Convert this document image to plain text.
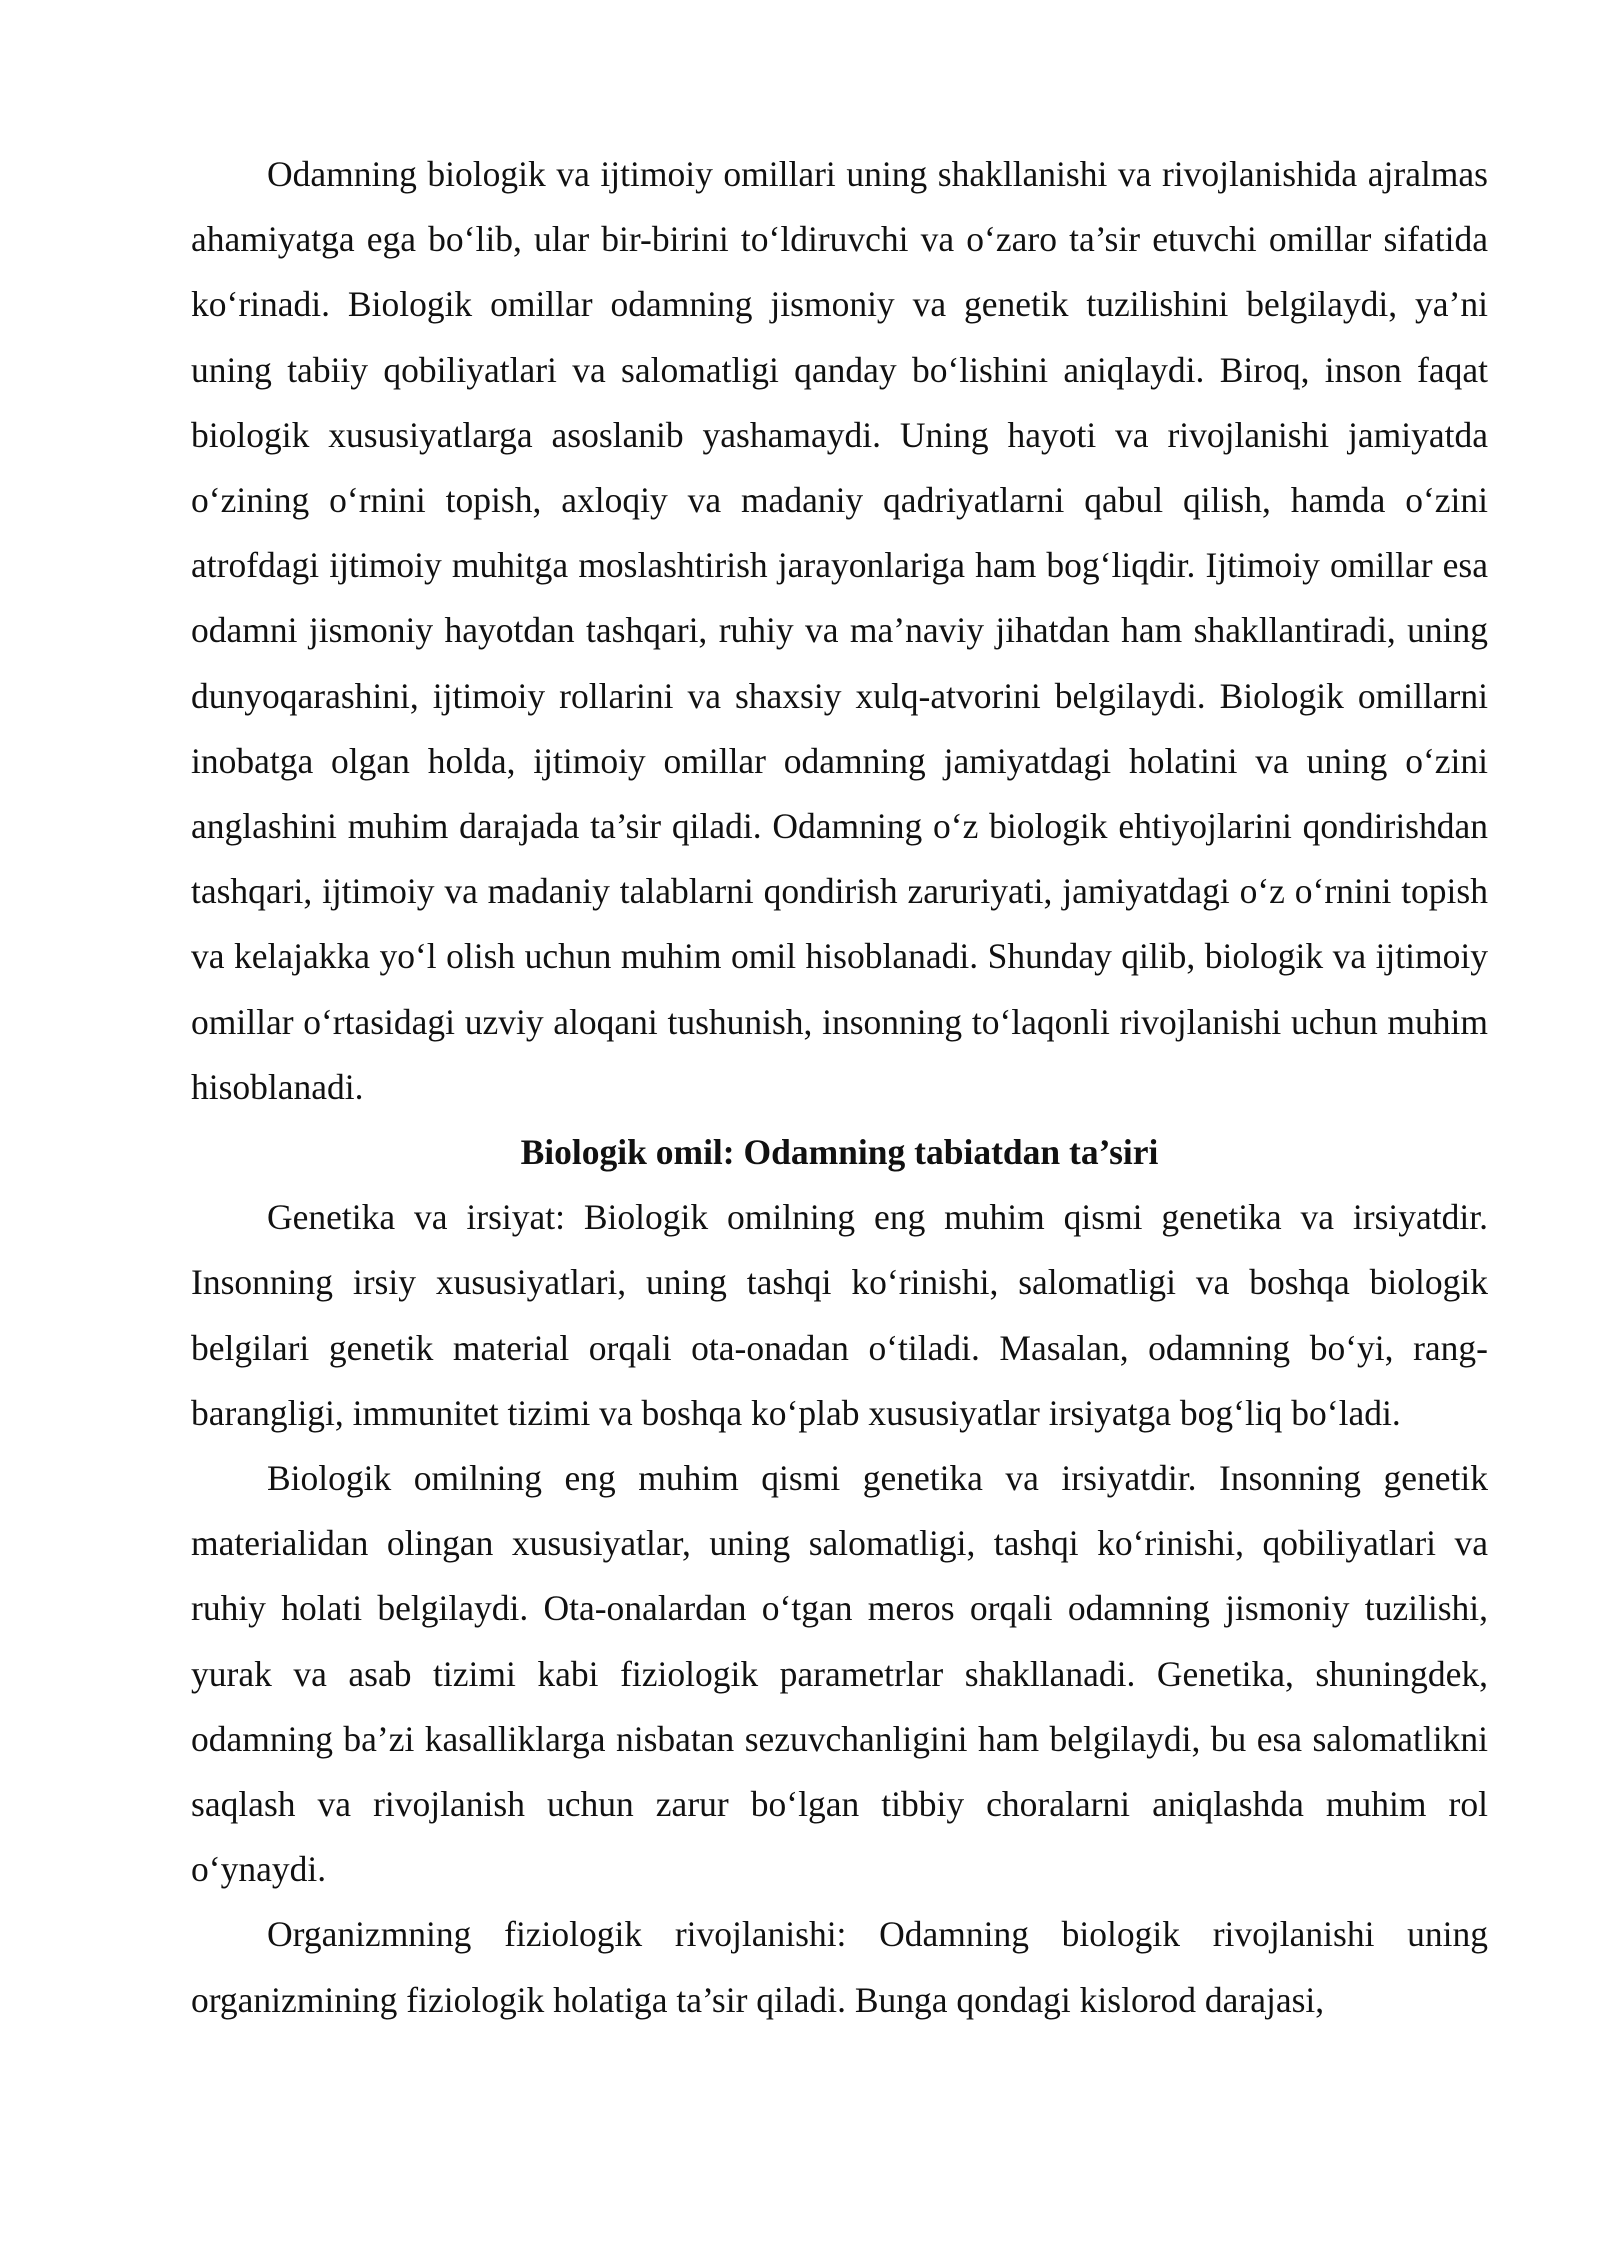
Odamning biologik va ijtimoiy omillari uning shakllanishi va rivojlanishida ajralmas ahamiyatga ega bo‘lib, ular bir-birini to‘ldiruvchi va o‘zaro ta’sir etuvchi omillar sifatida ko‘rinadi. Biologik omillar odamning jismoniy va genetik tuzilishini belgilaydi, ya’ni uning tabiiy qobiliyatlari va salomatligi qanday bo‘lishini aniqlaydi. Biroq, inson faqat biologik xususiyatlarga asoslanib yashamaydi. Uning hayoti va rivojlanishi jamiyatda o‘zining o‘rnini topish, axloqiy va madaniy qadriyatlarni qabul qilish, hamda o‘zini atrofdagi ijtimoiy muhitga moslashtirish jarayonlariga ham bog‘liqdir. Ijtimoiy omillar esa odamni jismoniy hayotdan tashqari, ruhiy va ma’naviy jihatdan ham shakllantiradi, uning dunyoqarashini, ijtimoiy rollarini va shaxsiy xulq-atvorini belgilaydi. Biologik omillarni inobatga olgan holda, ijtimoiy omillar odamning jamiyatdagi holatini va uning o‘zini anglashini muhim darajada ta’sir qiladi. Odamning o‘z biologik ehtiyojlarini qondirishdan tashqari, ijtimoiy va madaniy talablarni qondirish zaruriyati, jamiyatdagi o‘z o‘rnini topish va kelajakka yo‘l olish uchun muhim omil hisoblanadi. Shunday qilib, biologik va ijtimoiy omillar o‘rtasidagi uzviy aloqani tushunish, insonning to‘laqonli rivojlanishi uchun muhim hisoblanadi.

Biologik omil: Odamning tabiatdan ta’siri

Genetika va irsiyat: Biologik omilning eng muhim qismi genetika va irsiyatdir. Insonning irsiy xususiyatlari, uning tashqi ko‘rinishi, salomatligi va boshqa biologik belgilari genetik material orqali ota-onadan o‘tiladi. Masalan, odamning bo‘yi, rang-barangligi, immunitet tizimi va boshqa ko‘plab xususiyatlar irsiyatga bog‘liq bo‘ladi.

Biologik omilning eng muhim qismi genetika va irsiyatdir. Insonning genetik materialidan olingan xususiyatlar, uning salomatligi, tashqi ko‘rinishi, qobiliyatlari va ruhiy holati belgilaydi. Ota-onalardan o‘tgan meros orqali odamning jismoniy tuzilishi, yurak va asab tizimi kabi fiziologik parametrlar shakllanadi. Genetika, shuningdek, odamning ba’zi kasalliklarga nisbatan sezuvchanligini ham belgilaydi, bu esa salomatlikni saqlash va rivojlanish uchun zarur bo‘lgan tibbiy choralarni aniqlashda muhim rol o‘ynaydi.

Organizmning fiziologik rivojlanishi: Odamning biologik rivojlanishi uning organizmining fiziologik holatiga ta’sir qiladi. Bunga qondagi kislorod darajasi,
